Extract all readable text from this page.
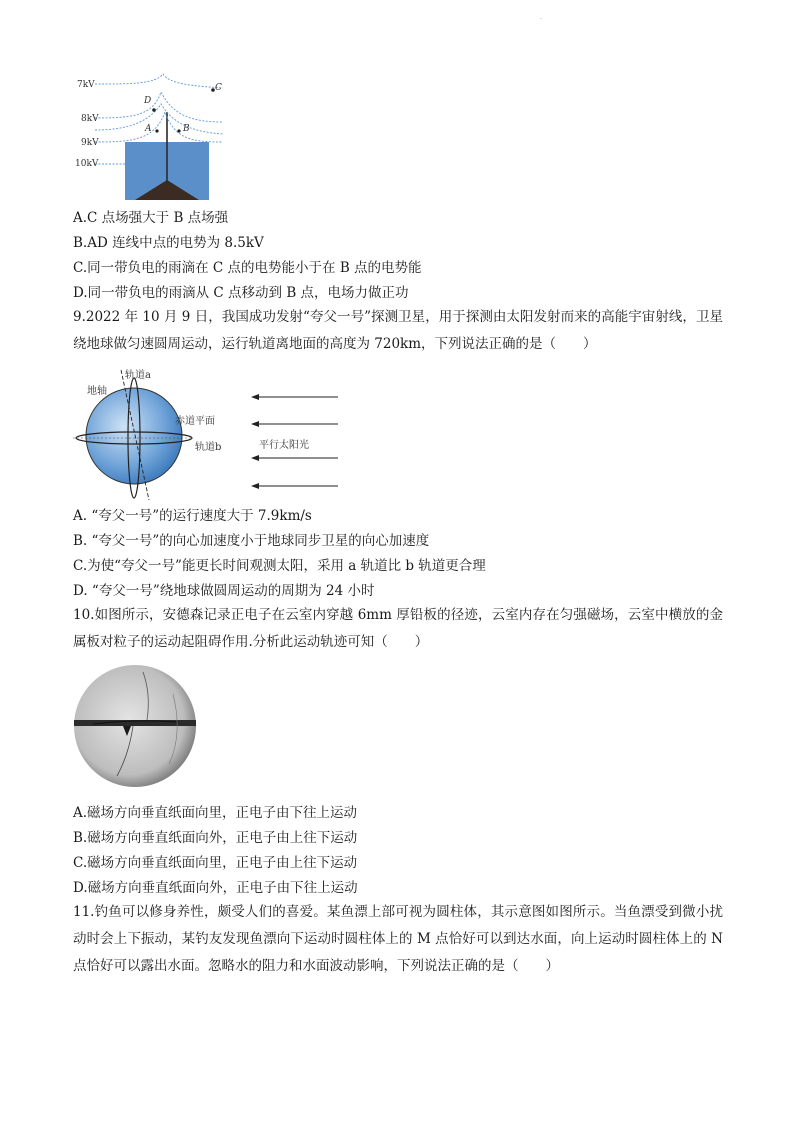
.
7kV
8kV
9kV
10kV
C
D
A	B
A.C 点场强大于 B 点场强
B.AD 连线中点的电势为 8.5kV
C.同一带负电的雨滴在 C 点的电势能小于在 B 点的电势能
D.同一带负电的雨滴从 C 点移动到 B 点，电场力做正功
9.2022 年 10 月 9 日，我国成功发射“夸父一号”探测卫星，用于探测由太阳发射而来的高能宇宙射线，卫星绕地球做匀速圆周运动，运行轨道离地面的高度为 720km，下列说法正确的是（　　）
地轴
轨道a
赤道平面
轨道b	平行太阳光
A. “夸父一号”的运行速度大于 7.9km/s
B. “夸父一号”的向心加速度小于地球同步卫星的向心加速度
C.为使“夸父一号”能更长时间观测太阳，采用 a 轨道比 b 轨道更合理
D. “夸父一号”绕地球做圆周运动的周期为 24 小时
10.如图所示，安德森记录正电子在云室内穿越 6mm 厚铅板的径迹，云室内存在匀强磁场，云室中横放的金属板对粒子的运动起阻碍作用.分析此运动轨迹可知（　　）
A.磁场方向垂直纸面向里，正电子由下往上运动
B.磁场方向垂直纸面向外，正电子由上往下运动
C.磁场方向垂直纸面向里，正电子由上往下运动
D.磁场方向垂直纸面向外，正电子由下往上运动
11.钓鱼可以修身养性，颇受人们的喜爱。某鱼漂上部可视为圆柱体，其示意图如图所示。当鱼漂受到微小扰动时会上下振动，某钓友发现鱼漂向下运动时圆柱体上的 M 点恰好可以到达水面，向上运动时圆柱体上的 N 点恰好可以露出水面。忽略水的阻力和水面波动影响，下列说法正确的是（　　）
